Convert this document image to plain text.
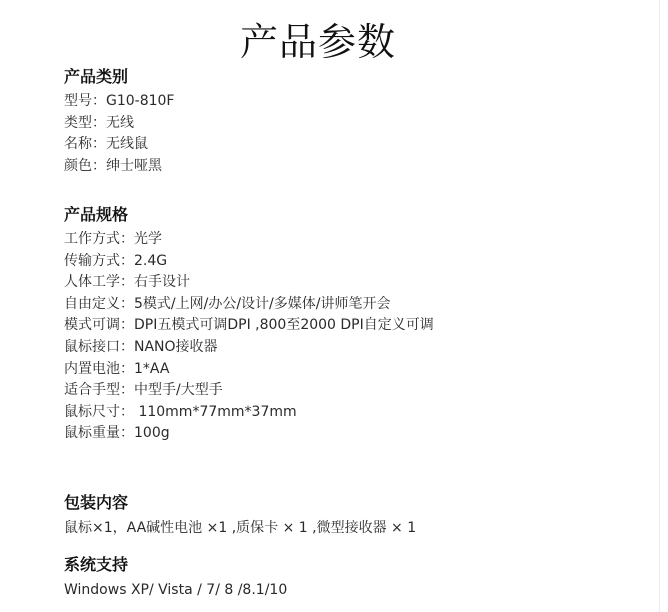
产品参数
产品类别
型号：G10-810F
类型：无线
名称：无线鼠
颜色：绅士哑黑
产品规格
工作方式：光学
传输方式：2.4G
人体工学：右手设计
自由定义：5模式/上网/办公/设计/多媒体/讲师笔开会
模式可调：DPI五模式可调DPI ,800至2000 DPI自定义可调
鼠标接口：NANO接收器
内置电池：1*AA
适合手型：中型手/大型手
鼠标尺寸： 110mm*77mm*37mm
鼠标重量：100g
包装内容
鼠标×1，AA碱性电池 ×1 ,质保卡 × 1 ,微型接收器 × 1
系统支持
Windows XP/ Vista / 7/ 8 /8.1/10
